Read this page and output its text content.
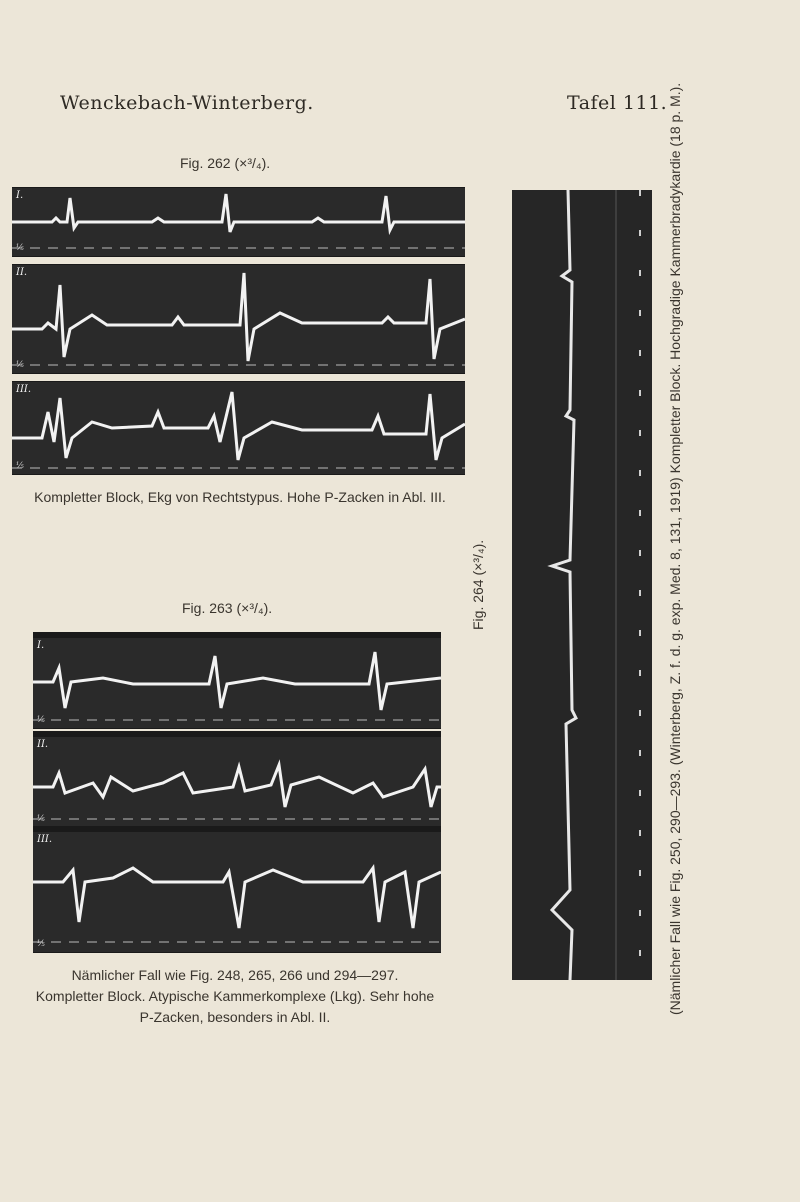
Wenckebach-Winterberg.	Tafel 111.
Fig. 262 (×³/₄).
I.
⅟₅
II.
⅟₅
III.
⅟₅
Kompletter Block, Ekg von Rechtstypus. Hohe P-Zacken in Abl. III.
Fig. 263 (×³/₄).
I.
⅟₅
II.
⅟₅
III.
⅟₅
Nämlicher Fall wie Fig. 248, 265, 266 und 294—297.
Kompletter Block. Atypische Kammerkomplexe (Lkg). Sehr hohe
P-Zacken, besonders in Abl. II.
Fig. 264 (×³/₄).	(Nämlicher Fall wie Fig. 250, 290—293. (Winterberg, Z. f. d. g. exp. Med. 8, 131, 1919) Kompletter Block. Hochgradige Kammerbradykardie (18 p. M.).
